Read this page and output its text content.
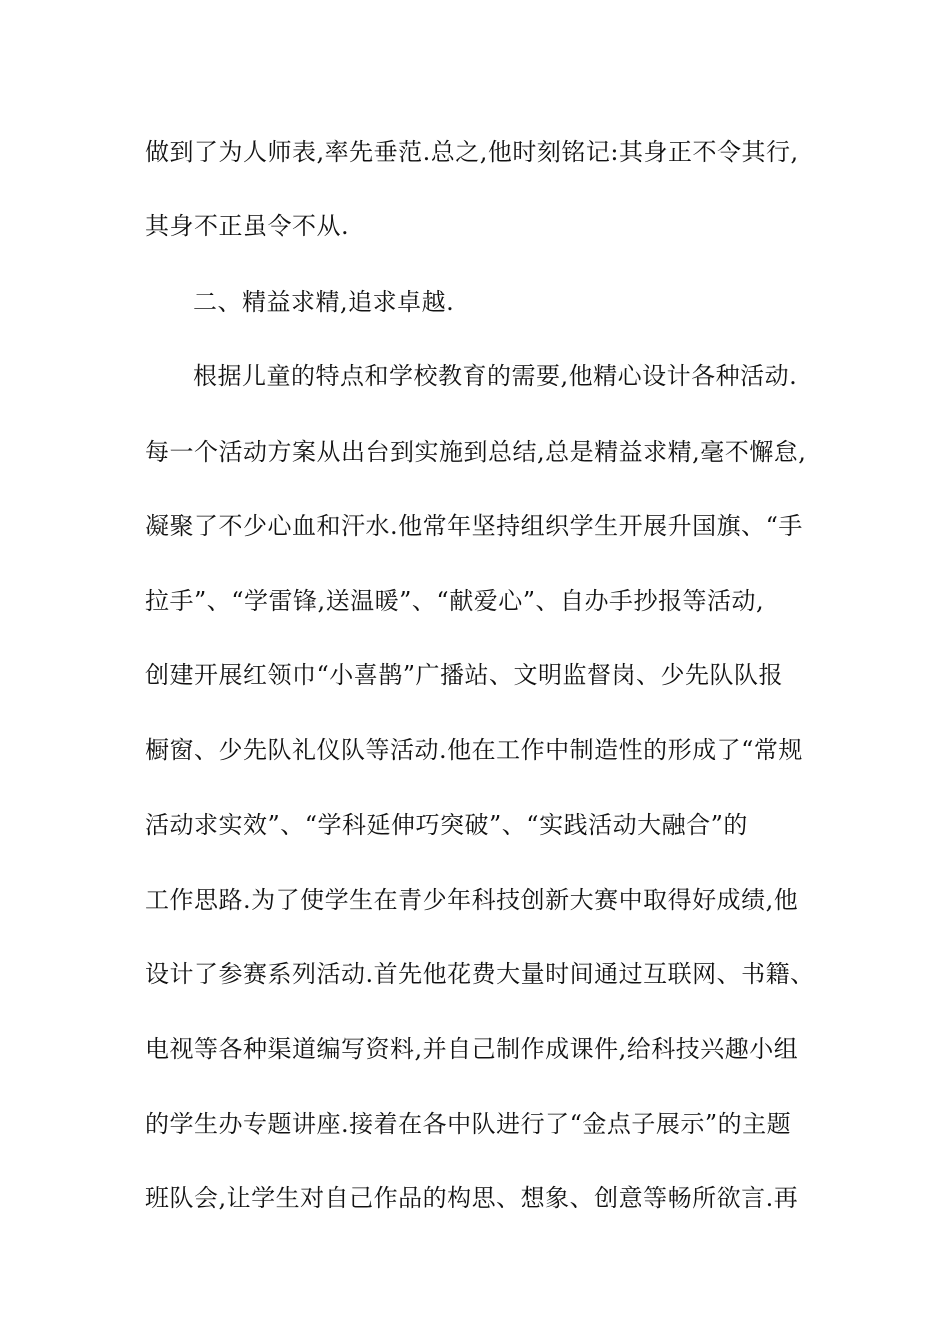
做到了为人师表,率先垂范.总之,他时刻铭记:其身正不令其行,
其身不正虽令不从.
二、精益求精,追求卓越.
根据儿童的特点和学校教育的需要,他精心设计各种活动.
每一个活动方案从出台到实施到总结,总是精益求精,毫不懈怠,
凝聚了不少心血和汗水.他常年坚持组织学生开展升国旗、“手
拉手”、“学雷锋,送温暖”、“献爱心”、自办手抄报等活动,
创建开展红领巾“小喜鹊”广播站、文明监督岗、少先队队报
橱窗、少先队礼仪队等活动.他在工作中制造性的形成了“常规
活动求实效”、“学科延伸巧突破”、“实践活动大融合”的
工作思路.为了使学生在青少年科技创新大赛中取得好成绩,他
设计了参赛系列活动.首先他花费大量时间通过互联网、书籍、
电视等各种渠道编写资料,并自己制作成课件,给科技兴趣小组
的学生办专题讲座.接着在各中队进行了“金点子展示”的主题
班队会,让学生对自己作品的构思、想象、创意等畅所欲言.再
